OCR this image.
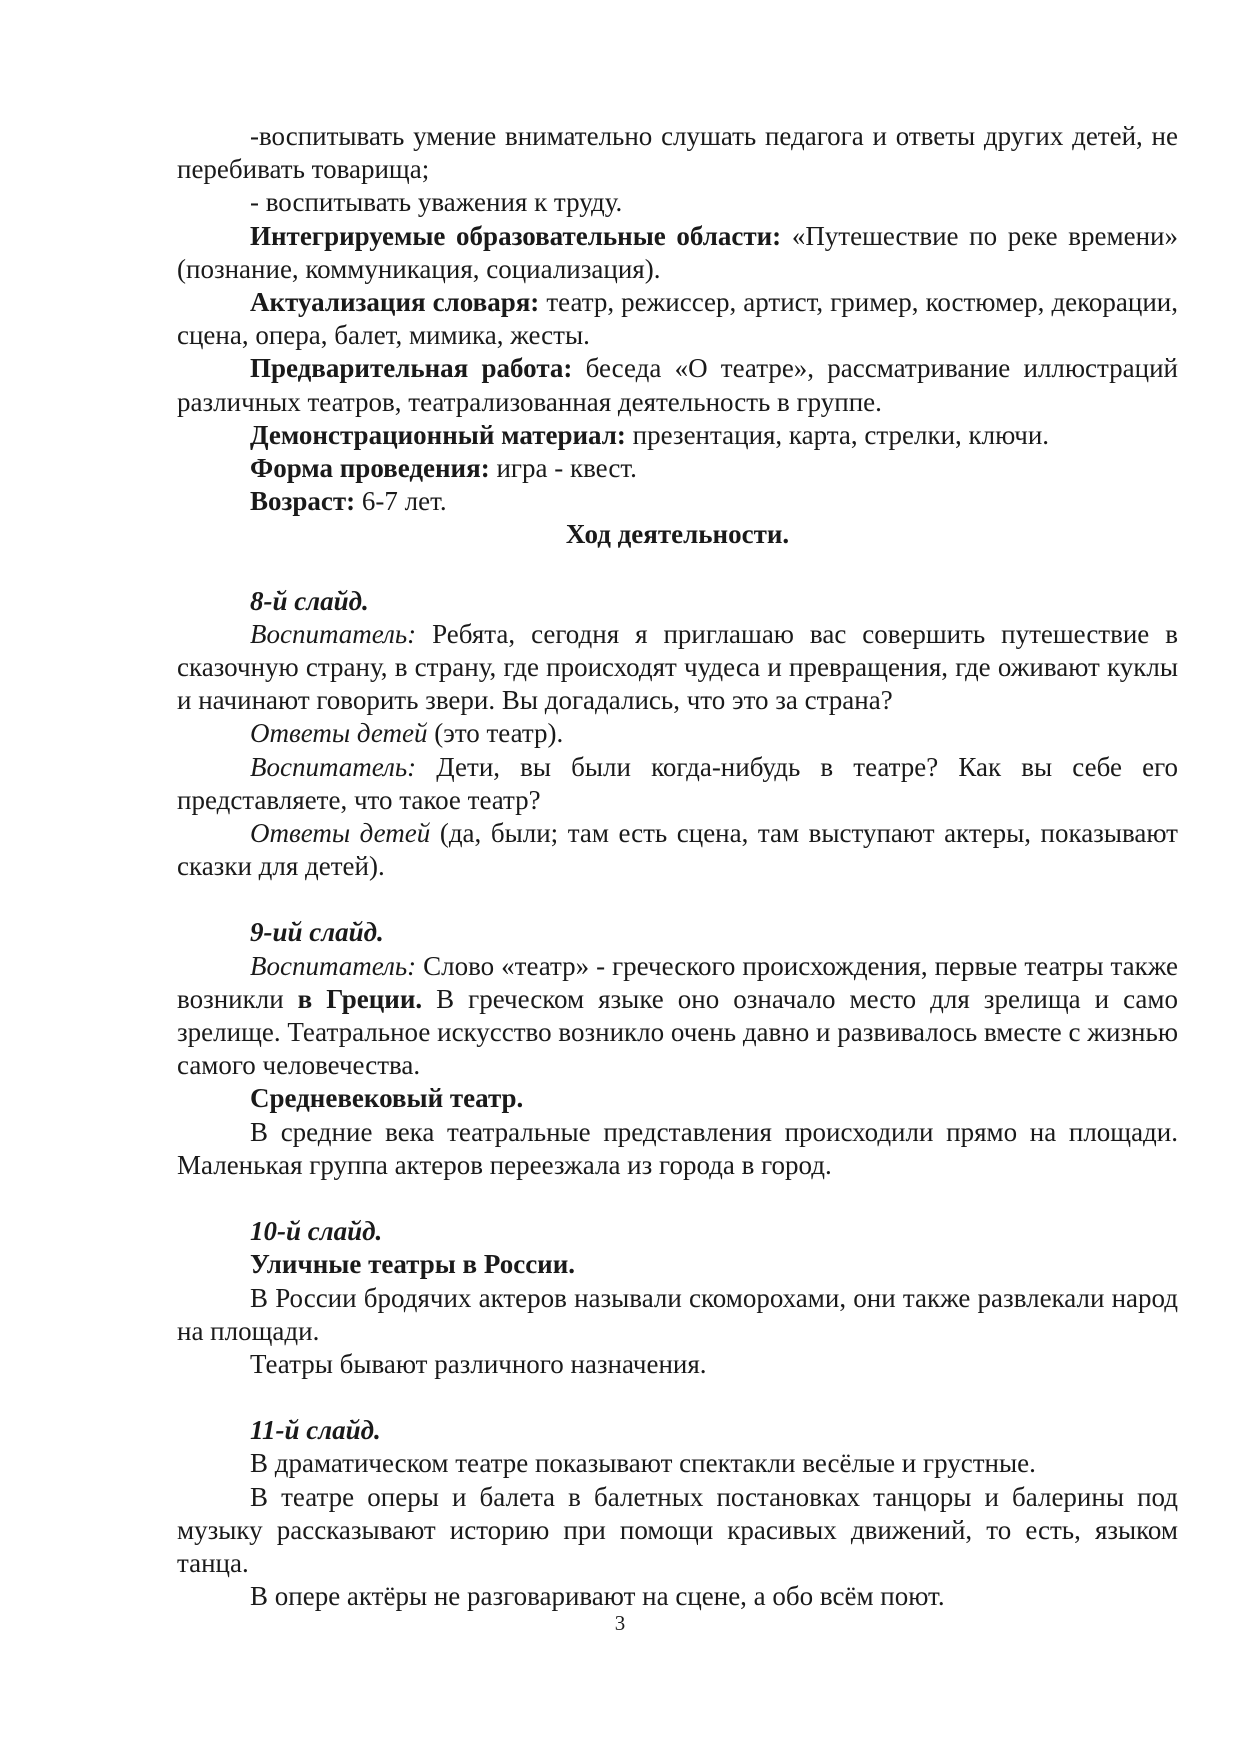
-воспитывать умение внимательно слушать педагога и ответы других детей, не перебивать товарища;

- воспитывать уважения к труду.

Интегрируемые образовательные области: «Путешествие по реке времени» (познание, коммуникация, социализация).

Актуализация словаря: театр, режиссер, артист, гример, костюмер, декорации, сцена, опера, балет, мимика, жесты.

Предварительная работа: беседа «О театре», рассматривание иллюстраций различных театров, театрализованная деятельность в группе.

Демонстрационный материал: презентация, карта, стрелки, ключи.

Форма проведения: игра - квест.

Возраст: 6-7 лет.

Ход деятельности.

8-й слайд.

Воспитатель: Ребята, сегодня я приглашаю вас совершить путешествие в сказочную страну, в страну, где происходят чудеса и превращения, где оживают куклы и начинают говорить звери. Вы догадались, что это за страна?

Ответы детей (это театр).

Воспитатель: Дети, вы были когда-нибудь в театре? Как вы себе его представляете, что такое театр?

Ответы детей (да, были; там есть сцена, там выступают актеры, показывают сказки для детей).

9-ий слайд.

Воспитатель: Слово «театр» - греческого происхождения, первые театры также возникли в Греции. В греческом языке оно означало место для зрелища и само зрелище. Театральное искусство возникло очень давно и развивалось вместе с жизнью самого человечества.

Средневековый театр.

В средние века театральные представления происходили прямо на площади. Маленькая группа актеров переезжала из города в город.

10-й слайд.

Уличные театры в России.

В России бродячих актеров называли скоморохами, они также развлекали народ на площади.

Театры бывают различного назначения.

11-й слайд.

В драматическом театре показывают спектакли весёлые и грустные.

В театре оперы и балета в балетных постановках танцоры и балерины под музыку рассказывают историю при помощи красивых движений, то есть, языком танца.

В опере актёры не разговаривают на сцене, а обо всём поют.

3
